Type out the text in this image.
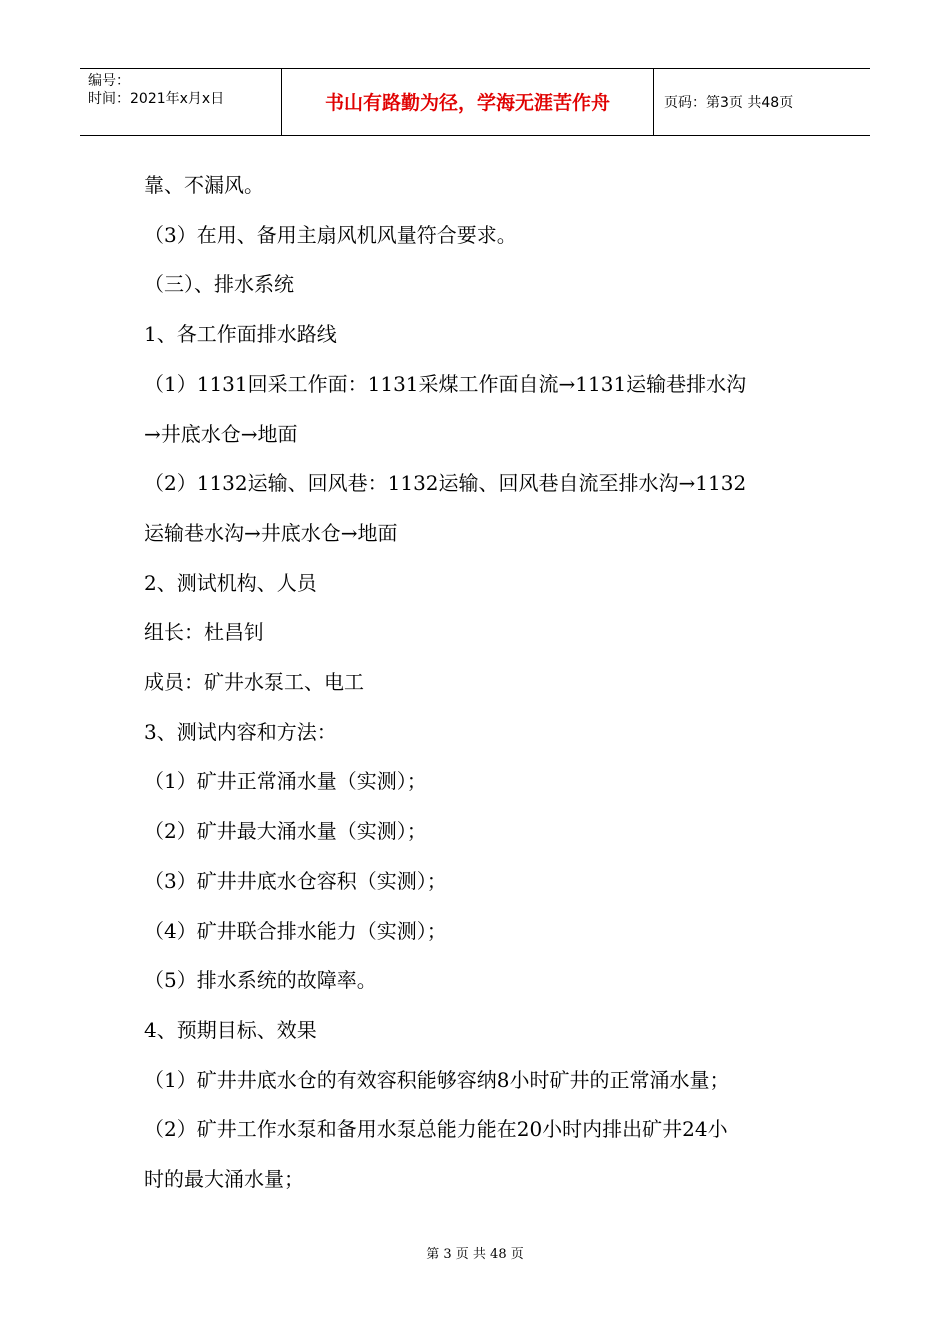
编号：
时间：2021年x月x日	书山有路勤为径，学海无涯苦作舟	页码：第3页 共48页
靠、不漏风。
（3）在用、备用主扇风机风量符合要求。
（三）、排水系统
1、各工作面排水路线
（1）1131回采工作面：1131采煤工作面自流→1131运输巷排水沟
→井底水仓→地面
（2）1132运输、回风巷：1132运输、回风巷自流至排水沟→1132
运输巷水沟→井底水仓→地面
2、测试机构、人员
组长：杜昌钊
成员：矿井水泵工、电工
3、测试内容和方法：
（1）矿井正常涌水量（实测）；
（2）矿井最大涌水量（实测）；
（3）矿井井底水仓容积（实测）；
（4）矿井联合排水能力（实测）；
（5）排水系统的故障率。
4、预期目标、效果
（1）矿井井底水仓的有效容积能够容纳8小时矿井的正常涌水量；
（2）矿井工作水泵和备用水泵总能力能在20小时内排出矿井24小
时的最大涌水量；
第 3 页 共 48 页
